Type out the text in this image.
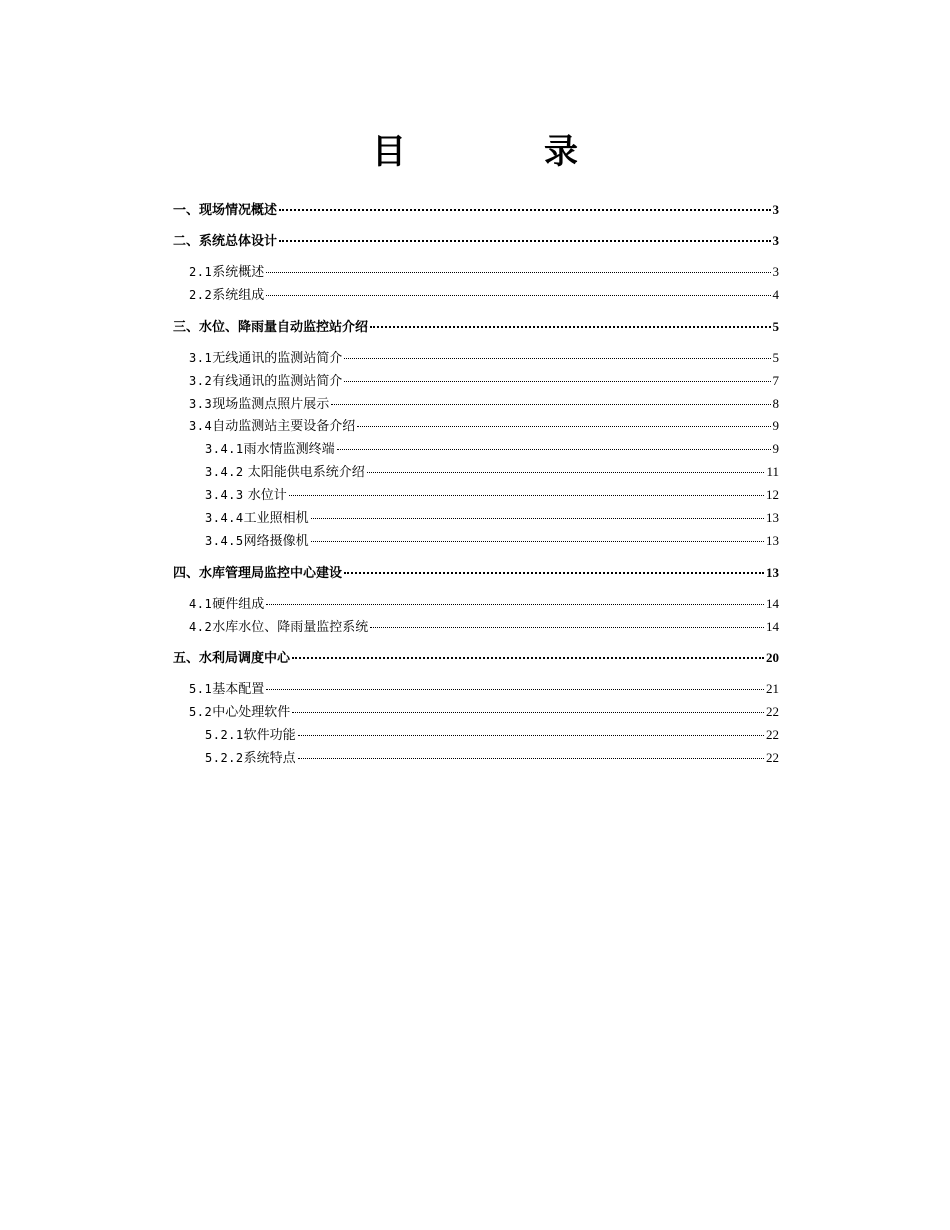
目　录
一、现场情况概述	3
二、系统总体设计	3
2.1系统概述	3
2.2系统组成	4
三、水位、降雨量自动监控站介绍	5
3.1无线通讯的监测站简介	5
3.2有线通讯的监测站简介	7
3.3现场监测点照片展示	8
3.4自动监测站主要设备介绍	9
3.4.1雨水情监测终端	9
3.4.2 太阳能供电系统介绍	11
3.4.3 水位计	12
3.4.4工业照相机	13
3.4.5网络摄像机	13
四、水库管理局监控中心建设	13
4.1硬件组成	14
4.2水库水位、降雨量监控系统	14
五、水利局调度中心	20
5.1基本配置	21
5.2中心处理软件	22
5.2.1软件功能	22
5.2.2系统特点	22
